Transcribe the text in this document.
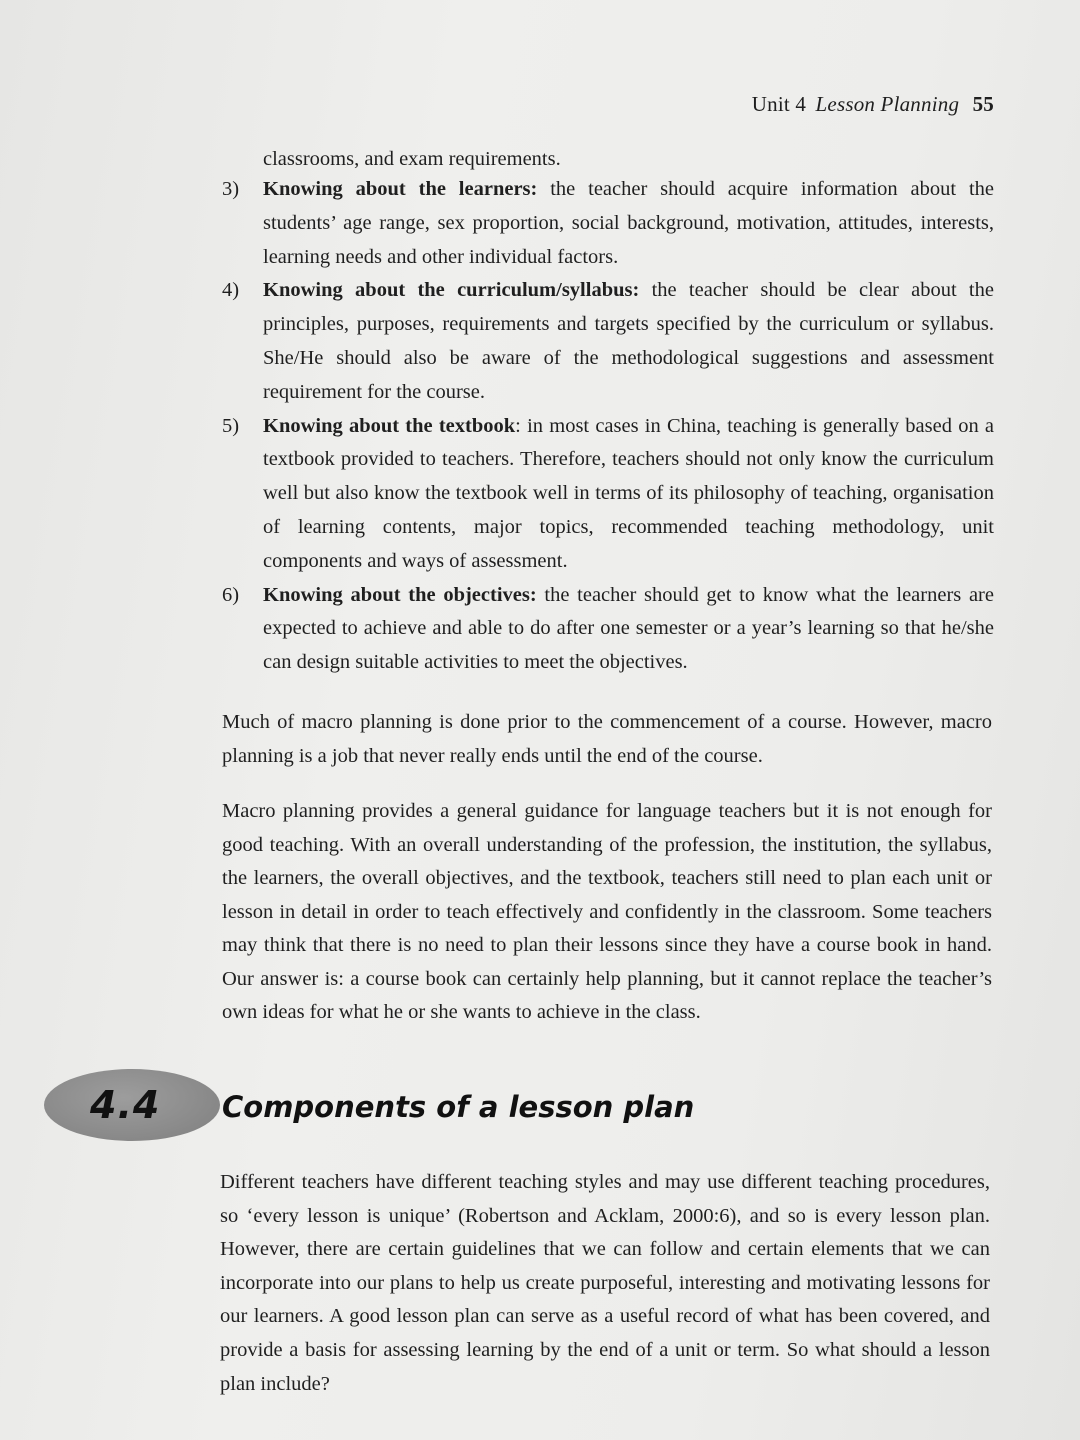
Unit 4 Lesson Planning 55
classrooms, and exam requirements.
3) Knowing about the learners: the teacher should acquire information about the students’ age range, sex proportion, social background, motivation, attitudes, interests, learning needs and other individual factors.
4) Knowing about the curriculum/syllabus: the teacher should be clear about the principles, purposes, requirements and targets specified by the curriculum or syllabus. She/He should also be aware of the methodological suggestions and assessment requirement for the course.
5) Knowing about the textbook: in most cases in China, teaching is generally based on a textbook provided to teachers. Therefore, teachers should not only know the curriculum well but also know the textbook well in terms of its philosophy of teaching, organisation of learning contents, major topics, recommended teaching methodology, unit components and ways of assessment.
6) Knowing about the objectives: the teacher should get to know what the learners are expected to achieve and able to do after one semester or a year’s learning so that he/she can design suitable activities to meet the objectives.

Much of macro planning is done prior to the commencement of a course. However, macro planning is a job that never really ends until the end of the course.

Macro planning provides a general guidance for language teachers but it is not enough for good teaching. With an overall understanding of the profession, the institution, the syllabus, the learners, the overall objectives, and the textbook, teachers still need to plan each unit or lesson in detail in order to teach effectively and confidently in the classroom. Some teachers may think that there is no need to plan their lessons since they have a course book in hand. Our answer is: a course book can certainly help planning, but it cannot replace the teacher’s own ideas for what he or she wants to achieve in the class.

4.4 Components of a lesson plan

Different teachers have different teaching styles and may use different teaching procedures, so ‘every lesson is unique’ (Robertson and Acklam, 2000:6), and so is every lesson plan. However, there are certain guidelines that we can follow and certain elements that we can incorporate into our plans to help us create purposeful, interesting and motivating lessons for our learners. A good lesson plan can serve as a useful record of what has been covered, and provide a basis for assessing learning by the end of a unit or term. So what should a lesson plan include?
